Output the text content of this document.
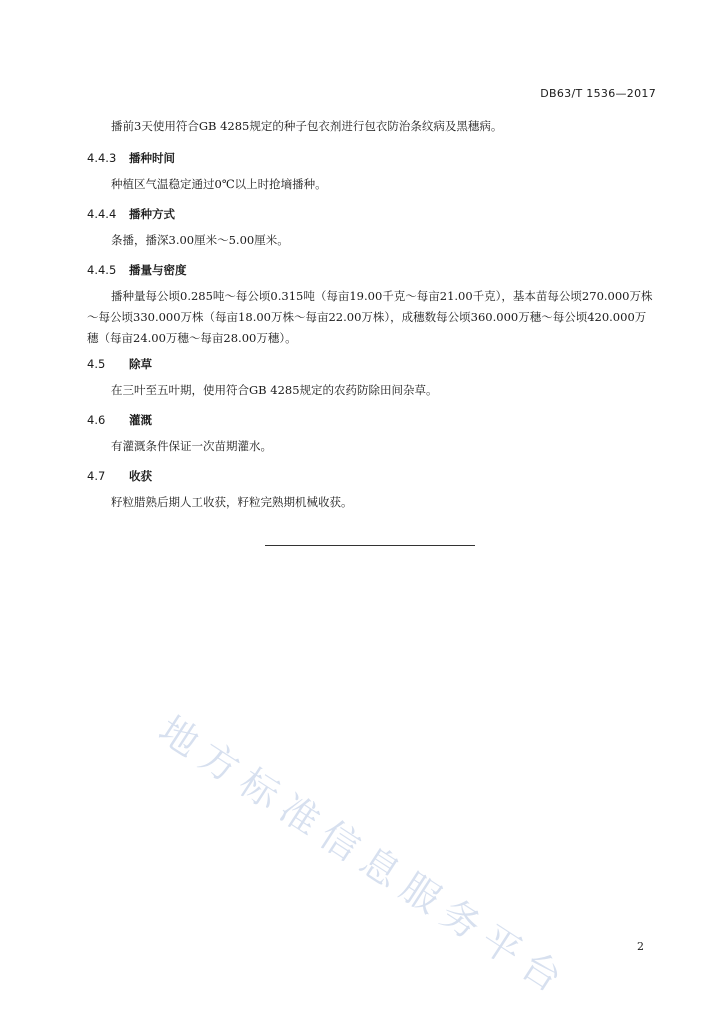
DB63/T 1536—2017

播前3天使用符合GB 4285规定的种子包衣剂进行包衣防治条纹病及黑穗病。

4.4.3 播种时间

种植区气温稳定通过0℃以上时抢墒播种。

4.4.4 播种方式

条播，播深3.00厘米～5.00厘米。

4.4.5 播量与密度

播种量每公顷0.285吨～每公顷0.315吨（每亩19.00千克～每亩21.00千克），基本苗每公顷270.000万株～每公顷330.000万株（每亩18.00万株～每亩22.00万株），成穗数每公顷360.000万穗～每公顷420.000万穗（每亩24.00万穗～每亩28.00万穗）。

4.5 除草

在三叶至五叶期，使用符合GB 4285规定的农药防除田间杂草。

4.6 灌溉

有灌溉条件保证一次苗期灌水。

4.7 收获

籽粒腊熟后期人工收获，籽粒完熟期机械收获。

地方标准信息服务平台	2
